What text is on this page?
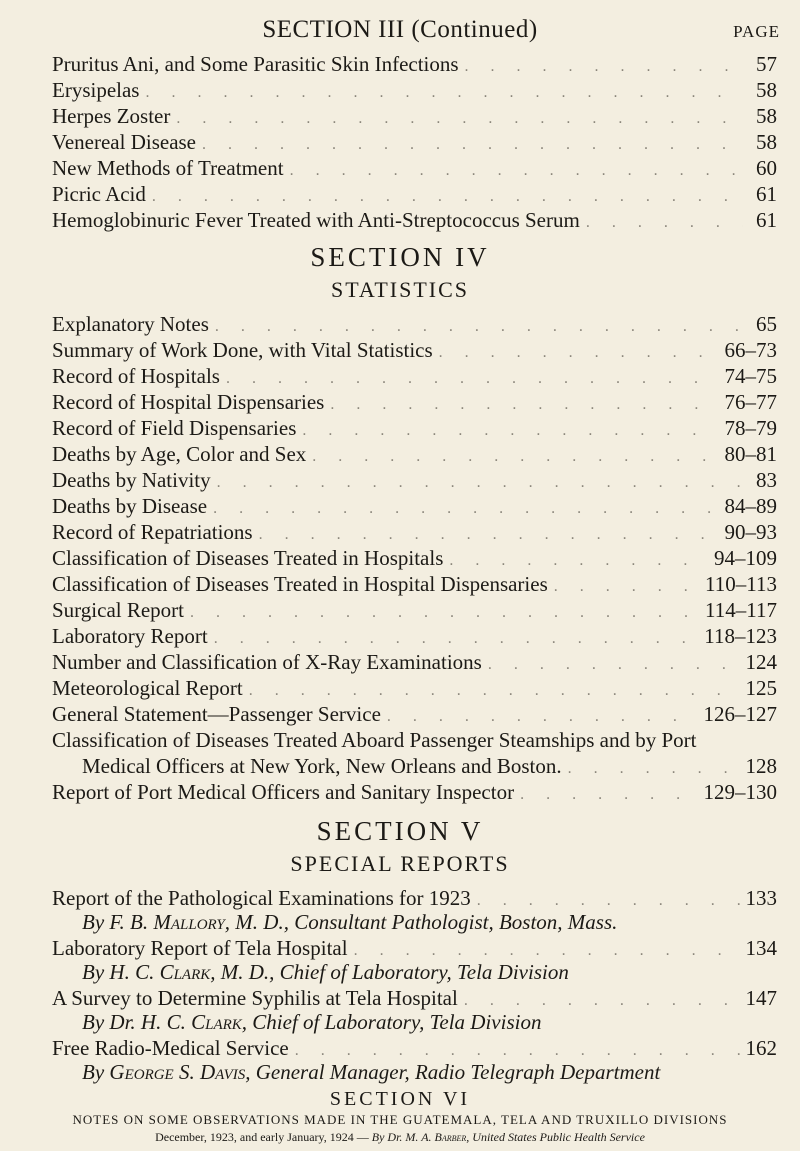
SECTION III (Continued)	PAGE
Pruritus Ani, and Some Parasitic Skin Infections . . .	57
Erysipelas . . .	58
Herpes Zoster . . .	58
Venereal Disease . . .	58
New Methods of Treatment . . .	60
Picric Acid . . .	61
Hemoglobinuric Fever Treated with Anti-Streptococcus Serum . . .	61
SECTION IV
STATISTICS
Explanatory Notes . . .	65
Summary of Work Done, with Vital Statistics . . .	66–73
Record of Hospitals . . .	74–75
Record of Hospital Dispensaries . . .	76–77
Record of Field Dispensaries . . .	78–79
Deaths by Age, Color and Sex . . .	80–81
Deaths by Nativity . . .	83
Deaths by Disease . . .	84–89
Record of Repatriations . . .	90–93
Classification of Diseases Treated in Hospitals . . .	94–109
Classification of Diseases Treated in Hospital Dispensaries . . .	110–113
Surgical Report . . .	114–117
Laboratory Report . . .	118–123
Number and Classification of X-Ray Examinations . . .	124
Meteorological Report . . .	125
General Statement—Passenger Service . . .	126–127
Classification of Diseases Treated Aboard Passenger Steamships and by Port
Medical Officers at New York, New Orleans and Boston. . . .	128
Report of Port Medical Officers and Sanitary Inspector . . .	129–130
SECTION V
SPECIAL REPORTS
Report of the Pathological Examinations for 1923 . . .	133
By F. B. Mallory, M. D., Consultant Pathologist, Boston, Mass.
Laboratory Report of Tela Hospital . . .	134
By H. C. Clark, M. D., Chief of Laboratory, Tela Division
A Survey to Determine Syphilis at Tela Hospital . . .	147
By Dr. H. C. Clark, Chief of Laboratory, Tela Division
Free Radio-Medical Service . . .	162
By George S. Davis, General Manager, Radio Telegraph Department
SECTION VI
NOTES ON SOME OBSERVATIONS MADE IN THE GUATEMALA, TELA AND TRUXILLO DIVISIONS
December, 1923, and early January, 1924 — By Dr. M. A. Barber, United States Public Health Service
